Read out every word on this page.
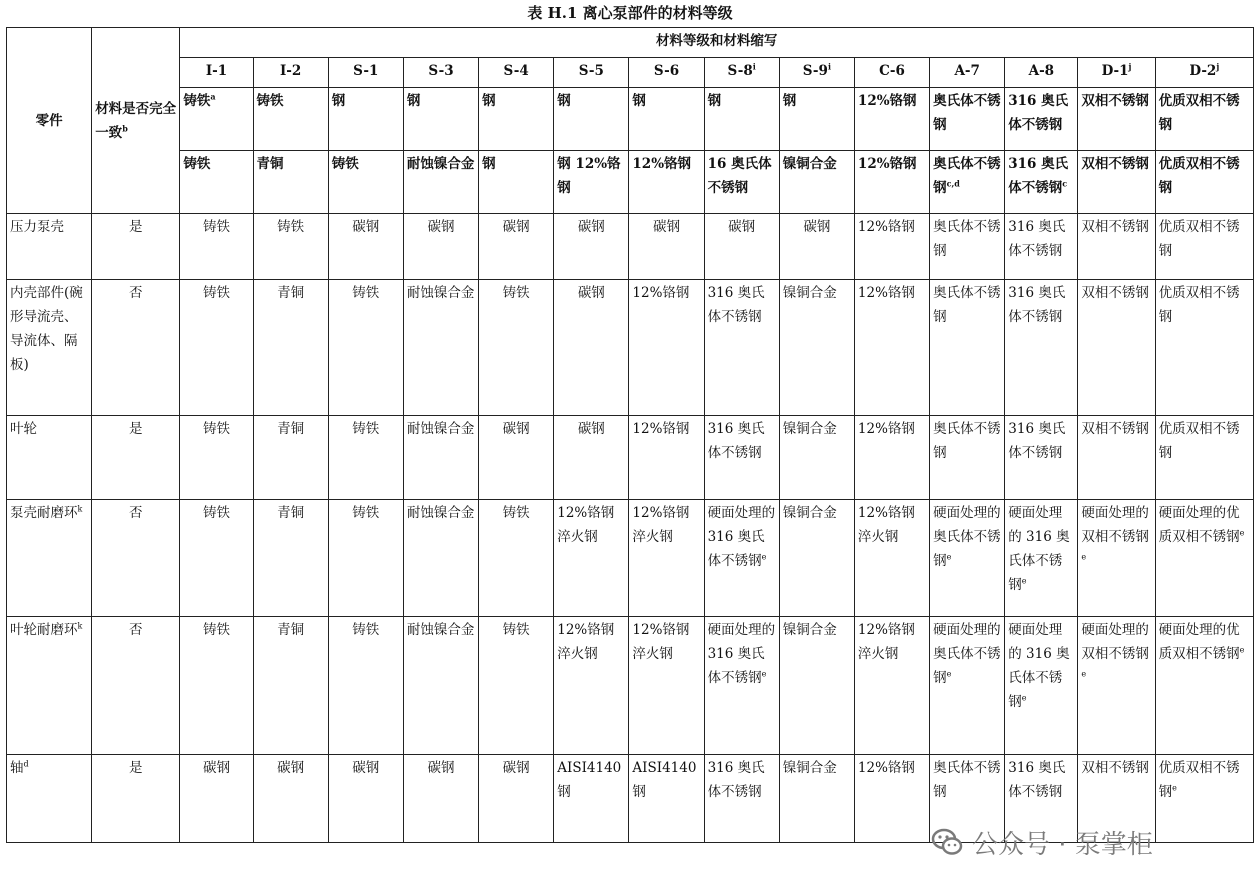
表 H.1 离心泵部件的材料等级
零件	材料是否完全一致$^b$	材料等级和材料缩写													
		I-1	I-2	S-1	S-3	S-4	S-5	S-6	S-8$^i$	S-9$^i$	C-6	A-7	A-8	D-1$^j$	D-2$^j$
		铸铁$^a$	铸铁	钢	钢	钢	钢	钢	钢	钢	12%铬钢	奥氏体不锈钢	316 奥氏体不锈钢	双相不锈钢	优质双相不锈钢
		铸铁	青铜	铸铁	耐蚀镍合金	钢	钢 12%铬钢	12%铬钢	16 奥氏体不锈钢	镍铜合金	12%铬钢	奥氏体不锈钢$^{c,d}$	316 奥氏体不锈钢$^c$	双相不锈钢	优质双相不锈钢
压力泵壳	是	铸铁	铸铁	碳钢	碳钢	碳钢	碳钢	碳钢	碳钢	碳钢	12%铬钢	奥氏体不锈钢	316 奥氏体不锈钢	双相不锈钢	优质双相不锈钢
内壳部件(碗形导流壳、导流体、隔板)	否	铸铁	青铜	铸铁	耐蚀镍合金	铸铁	碳钢	12%铬钢	316 奥氏体不锈钢	镍铜合金	12%铬钢	奥氏体不锈钢	316 奥氏体不锈钢	双相不锈钢	优质双相不锈钢
叶轮	是	铸铁	青铜	铸铁	耐蚀镍合金	碳钢	碳钢	12%铬钢	316 奥氏体不锈钢	镍铜合金	12%铬钢	奥氏体不锈钢	316 奥氏体不锈钢	双相不锈钢	优质双相不锈钢
泵壳耐磨环$^k$	否	铸铁	青铜	铸铁	耐蚀镍合金	铸铁	12%铬钢淬火钢	12%铬钢淬火钢	硬面处理的 316 奥氏体不锈钢$^e$	镍铜合金	12%铬钢淬火钢	硬面处理的奥氏体不锈钢$^e$	硬面处理的 316 奥氏体不锈钢$^e$	硬面处理的双相不锈钢$^e$	硬面处理的优质双相不锈钢$^e$
叶轮耐磨环$^k$	否	铸铁	青铜	铸铁	耐蚀镍合金	铸铁	12%铬钢淬火钢	12%铬钢淬火钢	硬面处理的 316 奥氏体不锈钢$^e$	镍铜合金	12%铬钢淬火钢	硬面处理的奥氏体不锈钢$^e$	硬面处理的 316 奥氏体不锈钢$^e$	硬面处理的双相不锈钢$^e$	硬面处理的优质双相不锈钢$^e$
轴$^d$	是	碳钢	碳钢	碳钢	碳钢	碳钢	AISI4140 钢	AISI4140 钢	316 奥氏体不锈钢	镍铜合金	12%铬钢	奥氏体不锈钢	316 奥氏体不锈钢	双相不锈钢	优质双相不锈钢$^e$
公众号 · 泵掌柜
